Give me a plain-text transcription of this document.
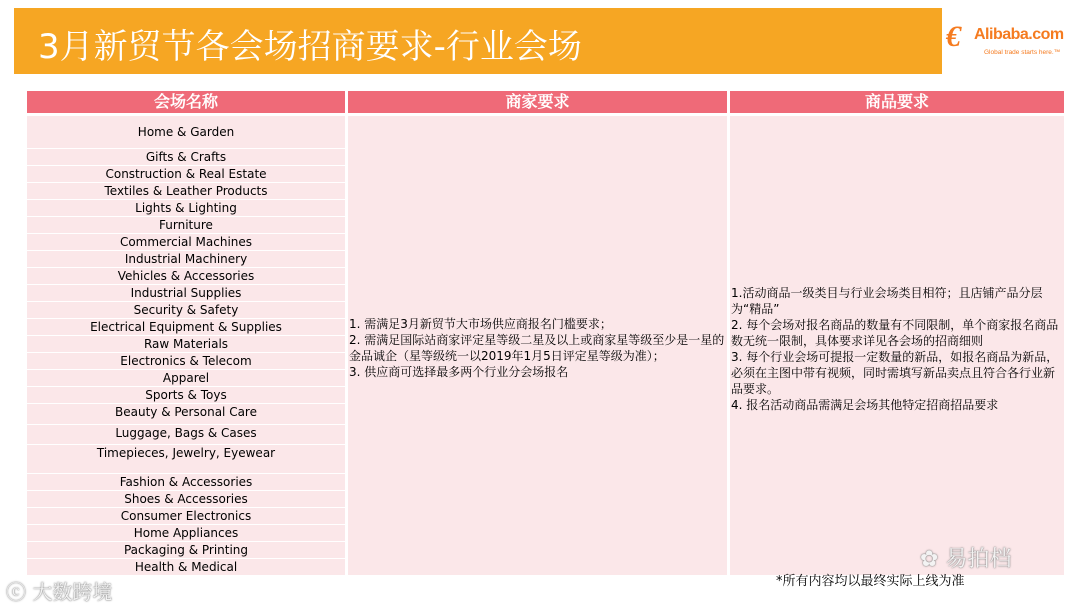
3月新贸节各会场招商要求-行业会场	€ Alibaba.com
Global trade starts here.™
会场名称	商家要求	商品要求
Home & Garden
Gifts & Crafts
Construction & Real Estate
Textiles & Leather Products
Lights & Lighting
Furniture
Commercial Machines
Industrial Machinery
Vehicles & Accessories
Industrial Supplies
Security & Safety
Electrical Equipment & Supplies
Raw Materials
Electronics & Telecom
Apparel
Sports & Toys
Beauty & Personal Care
Luggage, Bags & Cases
Timepieces, Jewelry, Eyewear
Fashion & Accessories
Shoes & Accessories
Consumer Electronics
Home Appliances
Packaging & Printing
Health & Medical
1. 需满足3月新贸节大市场供应商报名门槛要求；
2. 需满足国际站商家评定星等级二星及以上或商家星等级至少是一星的金品诚企（星等级统一以2019年1月5日评定星等级为准）；
3. 供应商可选择最多两个行业分会场报名
1.活动商品一级类目与行业会场类目相符；且店铺产品分层为“精品”
2. 每个会场对报名商品的数量有不同限制，单个商家报名商品数无统一限制，具体要求详见各会场的招商细则
3. 每个行业会场可提报一定数量的新品，如报名商品为新品，必须在主图中带有视频，同时需填写新品卖点且符合各行业新品要求。
4. 报名活动商品需满足会场其他特定招商招品要求
*所有内容均以最终实际上线为准
✿ 易拍档
ⓒ 大数跨境
